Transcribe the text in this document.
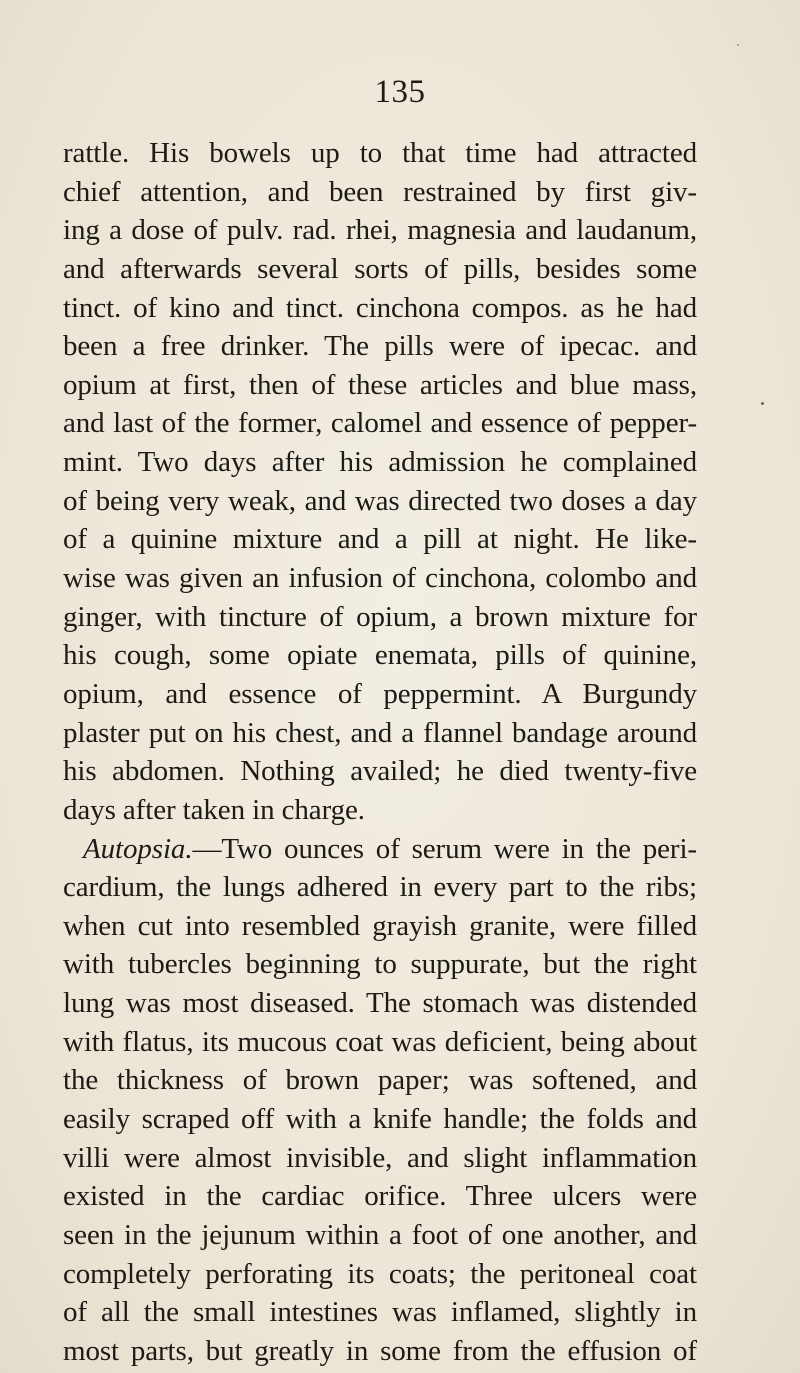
135
rattle. His bowels up to that time had attracted
chief attention, and been restrained by first giv-
ing a dose of pulv. rad. rhei, magnesia and laudanum,
and afterwards several sorts of pills, besides some
tinct. of kino and tinct. cinchona compos. as he had
been a free drinker. The pills were of ipecac. and
opium at first, then of these articles and blue mass,
and last of the former, calomel and essence of pepper-
mint. Two days after his admission he complained
of being very weak, and was directed two doses a day
of a quinine mixture and a pill at night. He like-
wise was given an infusion of cinchona, colombo and
ginger, with tincture of opium, a brown mixture for
his cough, some opiate enemata, pills of quinine,
opium, and essence of peppermint. A Burgundy
plaster put on his chest, and a flannel bandage around
his abdomen. Nothing availed; he died twenty-five
days after taken in charge.
Autopsia.—Two ounces of serum were in the peri-
cardium, the lungs adhered in every part to the ribs;
when cut into resembled grayish granite, were filled
with tubercles beginning to suppurate, but the right
lung was most diseased. The stomach was distended
with flatus, its mucous coat was deficient, being about
the thickness of brown paper; was softened, and
easily scraped off with a knife handle; the folds and
villi were almost invisible, and slight inflammation
existed in the cardiac orifice. Three ulcers were
seen in the jejunum within a foot of one another, and
completely perforating its coats; the peritoneal coat
of all the small intestines was inflamed, slightly in
most parts, but greatly in some from the effusion of
